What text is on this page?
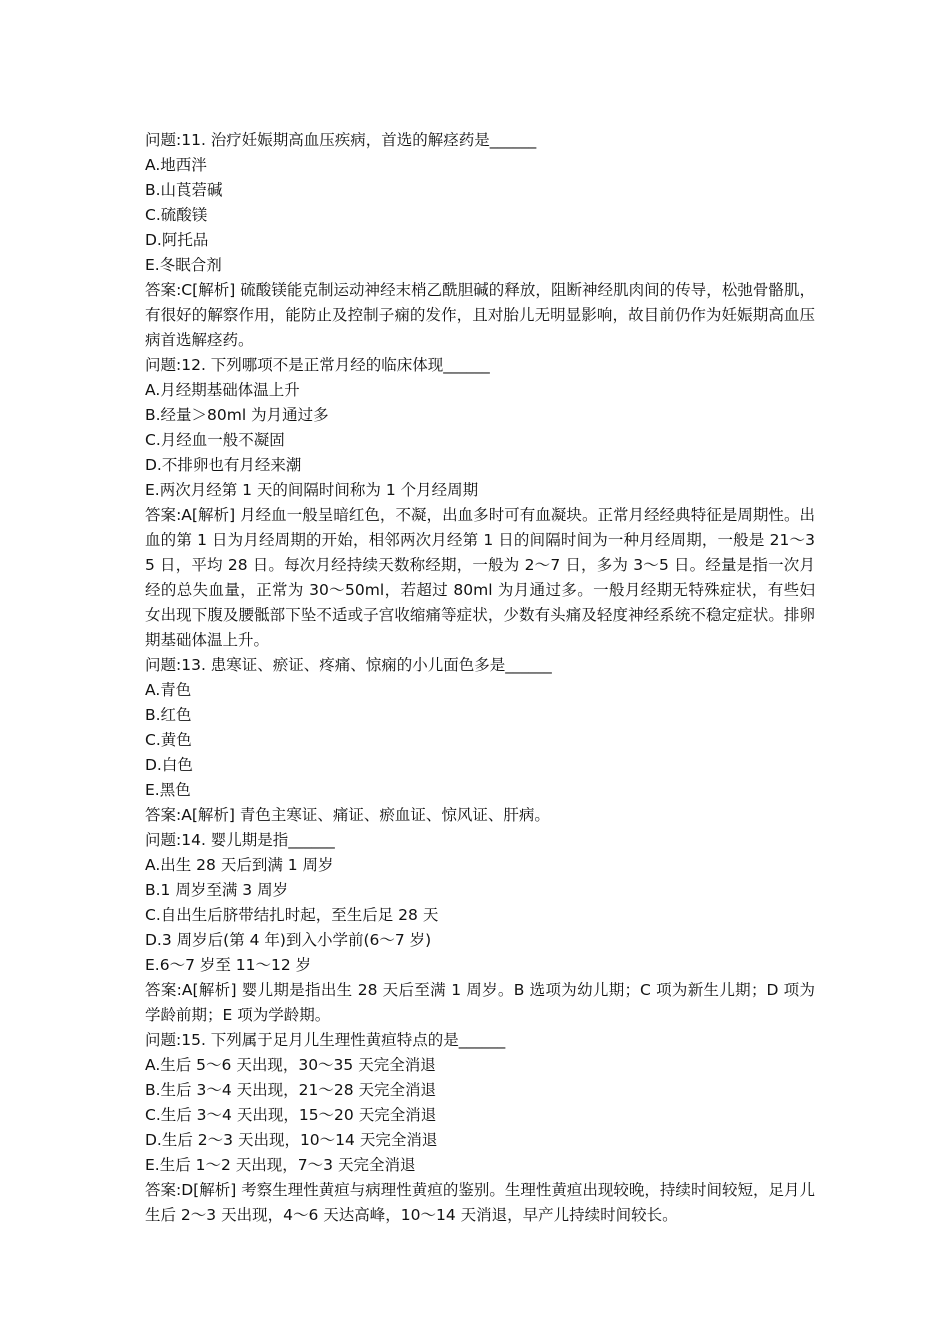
问题:11. 治疗妊娠期高血压疾病，首选的解痉药是______

A.地西泮

B.山莨菪碱

C.硫酸镁

D.阿托品

E.冬眠合剂

答案:C[解析] 硫酸镁能克制运动神经末梢乙酰胆碱的释放，阻断神经肌肉间的传导，松弛骨骼肌，有很好的解察作用，能防止及控制子痫的发作，且对胎儿无明显影响，故目前仍作为妊娠期高血压病首选解痉药。

问题:12. 下列哪项不是正常月经的临床体现______

A.月经期基础体温上升

B.经量＞80ml 为月通过多

C.月经血一般不凝固

D.不排卵也有月经来潮

E.两次月经第 1 天的间隔时间称为 1 个月经周期

答案:A[解析] 月经血一般呈暗红色，不凝，出血多时可有血凝块。正常月经经典特征是周期性。出血的第 1 日为月经周期的开始，相邻两次月经第 1 日的间隔时间为一种月经周期，一般是 21～35 日，平均 28 日。每次月经持续天数称经期，一般为 2～7 日，多为 3～5 日。经量是指一次月经的总失血量，正常为 30～50ml，若超过 80ml 为月通过多。一般月经期无特殊症状，有些妇女出现下腹及腰骶部下坠不适或子宫收缩痛等症状，少数有头痛及轻度神经系统不稳定症状。排卵期基础体温上升。

问题:13. 患寒证、瘀证、疼痛、惊痫的小儿面色多是______

A.青色

B.红色

C.黄色

D.白色

E.黑色

答案:A[解析] 青色主寒证、痛证、瘀血证、惊风证、肝病。

问题:14. 婴儿期是指______

A.出生 28 天后到满 1 周岁

B.1 周岁至满 3 周岁

C.自出生后脐带结扎时起，至生后足 28 天

D.3 周岁后(第 4 年)到入小学前(6～7 岁)

E.6～7 岁至 11～12 岁

答案:A[解析] 婴儿期是指出生 28 天后至满 1 周岁。B 选项为幼儿期；C 项为新生儿期；D 项为学龄前期；E 项为学龄期。

问题:15. 下列属于足月儿生理性黄疸特点的是______

A.生后 5～6 天出现，30～35 天完全消退

B.生后 3～4 天出现，21～28 天完全消退

C.生后 3～4 天出现，15～20 天完全消退

D.生后 2～3 天出现，10～14 天完全消退

E.生后 1～2 天出现，7～3 天完全消退

答案:D[解析] 考察生理性黄疸与病理性黄疸的鉴别。生理性黄疸出现较晚，持续时间较短，足月儿生后 2～3 天出现，4～6 天达高峰，10～14 天消退，早产儿持续时间较长。
